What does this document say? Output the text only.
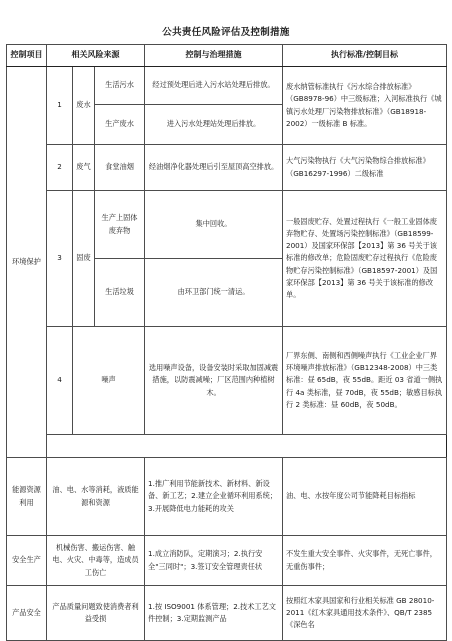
公共责任风险评估及控制措施
控制项目	相关风险来源			控制与治理措施	执行标准/控制目标
环境保护	1	废水	生活污水	经过预处理后进入污水站处理后排放。	废水纳管标准执行《污水综合排放标准》（GB8978-96）中三级标准；入河标准执行《城镇污水处理厂污染物排放标准》（GB18918-2002）一级标准 B 标准。
			生产废水	进入污水处理站处理后排放。	
	2	废气	食堂油烟	经油烟净化器处理后引至屋顶高空排放。	大气污染物执行《大气污染物综合排放标准》（GB16297-1996）二级标准
	3	固废	生产上固体废弃物	集中回收。	一般固废贮存、处置过程执行《一般工业固体废弃物贮存、处置场污染控制标准》（GB18599-2001）及国家环保部【2013】第 36 号关于该标准的修改单；危险固废贮存过程执行《危险废物贮存污染控制标准》（GB18597-2001）及国家环保部【2013】第 36 号关于该标准的修改单。
			生活垃圾	由环卫部门统一清运。	
	4	噪声		选用噪声设备，设备安装时采取加固减震措施，以防震减噪；厂区范围内种植树木。	厂界东侧、南侧和西侧噪声执行《工业企业厂界环境噪声排放标准》（GB12348-2008）中三类标准：昼 65dB，夜 55dB。距近 03 省道一侧执行 4a 类标准，昼 70dB，夜 55dB；敏感目标执行 2 类标准：昼 60dB，夜 50dB。

能源资源利用	油、电、水等消耗，液质能源和资源			1.推广利用节能新技术、新材料、新设备、新工艺；2.建立企业循环利用系统；3.开展降低电力能耗的攻关	油、电、水按年度公司节能降耗目标指标
安全生产	机械伤害、搬运伤害、触电、火灾、中毒等，造成员工伤亡			1.成立消防队，定期演习；2.执行安全"三同时"；3.签订安全管理责任状	不发生重大安全事件、火灾事件，无死亡事件，无重伤事件；
产品安全	产品质量问题致使消费者利益受损			1.按 ISO9001 体系管理；2.技术工艺文件控制；3.定期监测产品	按照红木家具国家和行业相关标准 GB 28010-2011《红木家具通用技术条件》、QB/T 2385《深色名
